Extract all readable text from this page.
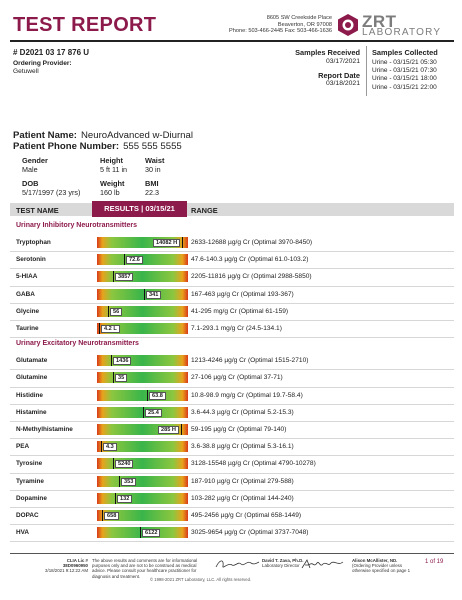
TEST REPORT	8605 SW Creekside Place
Beaverton, OR 97008
Phone: 503-466-2445 Fax: 503-466-1636
ZRT
LABORATORY
# D2021 03 17 876 U
Ordering Provider:
Getuwell
Samples Received
03/17/2021
Report Date
03/18/2021
Samples Collected
Urine - 03/15/21 05:30
Urine - 03/15/21 07:30
Urine - 03/15/21 18:00
Urine - 03/15/21 22:00
Patient Name: NeuroAdvanced w-Diurnal
Patient Phone Number: 555 555 5555
Gender
Male
Height
5 ft 11 in
Waist
30 in
DOB
5/17/1997 (23 yrs)
Weight
160 lb
BMI
22.3
TEST NAME	RESULTS | 03/15/21	RANGE
Urinary Inhibitory Neurotransmitters
Tryptophan	14082 H	2633-12688 µg/g Cr (Optimal 3970-8450)
Serotonin	72.6	47.6-140.3 µg/g Cr (Optimal 61.0-103.2)
5-HIAA	3857	2205-11816 µg/g Cr (Optimal 2988-5850)
GABA	341	167-463 µg/g Cr (Optimal 193-367)
Glycine	56	41-295 mg/g Cr (Optimal 61-159)
Taurine	4.2 L	7.1-293.1 mg/g Cr (24.5-134.1)
Urinary Excitatory Neurotransmitters
Glutamate	1436	1213-4246 µg/g Cr (Optimal 1515-2710)
Glutamine	35	27-106 µg/g Cr (Optimal 37-71)
Histidine	63.8	10.8-98.9 mg/g Cr (Optimal 19.7-58.4)
Histamine	25.4	3.6-44.3 µg/g Cr (Optimal 5.2-15.3)
N-Methylhistamine	285 H	59-195 µg/g Cr (Optimal 79-140)
PEA	4.3	3.6-38.8 µg/g Cr (Optimal 5.3-16.1)
Tyrosine	5240	3128-15548 µg/g Cr (Optimal 4790-10278)
Tyramine	353	187-910 µg/g Cr (Optimal 279-588)
Dopamine	132	103-282 µg/g Cr (Optimal 144-240)
DOPAC	658	495-2456 µg/g Cr (Optimal 658-1449)
HVA	6122	3025-9654 µg/g Cr (Optimal 3737-7048)
CLIA Lic # 38D0960950
3/18/2021 9:12:22 AM
The above results and comments are for informational purposes only and are not to be construed as medical advice. Please consult your healthcare practitioner for diagnosis and treatment.
David T. Zava, Ph.D.
Laboratory Director
Alison McAllister, ND.
(Ordering Provider unless otherwise specified on page 1
1 of 19
© 1998-2021 ZRT Laboratory, LLC. All rights reserved.
